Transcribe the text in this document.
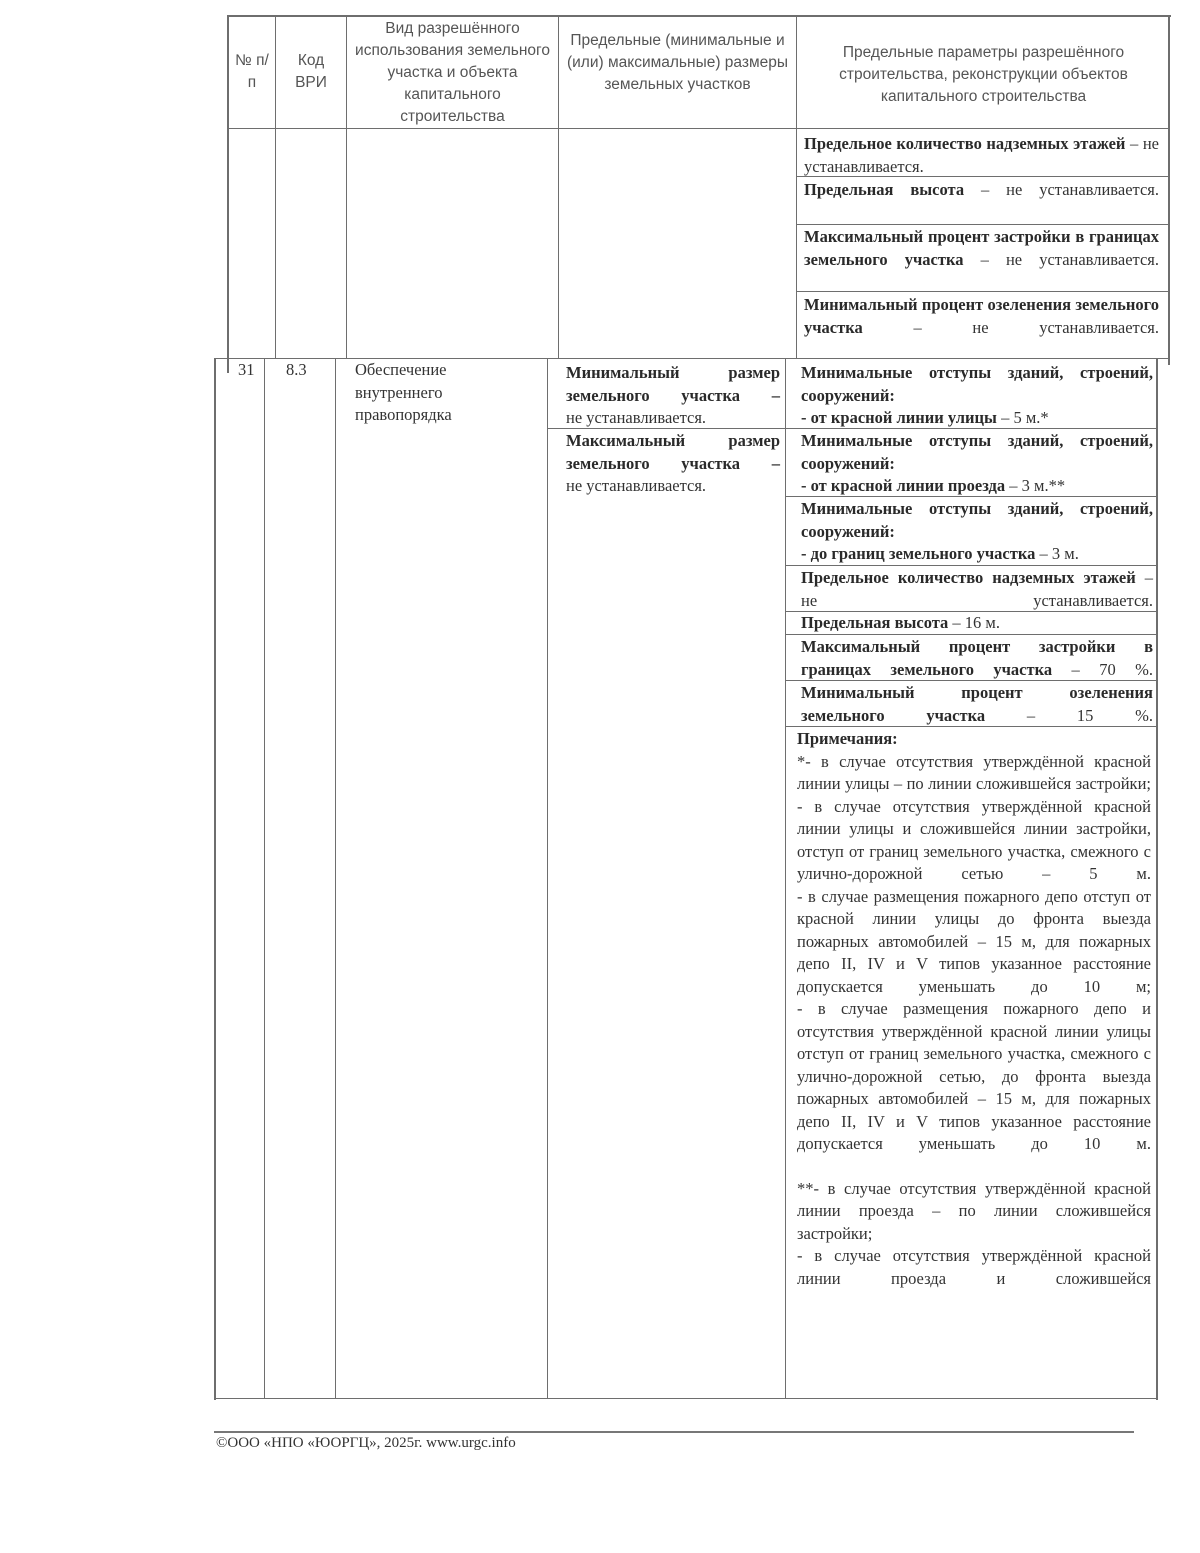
№ п/п
Код ВРИ
Вид разрешённого использования земельного участка и объекта капитального строительства
Предельные (минимальные и (или) максимальные) размеры земельных участков
Предельные параметры разрешённого строительства, реконструкции объектов капитального строительства
Предельное количество надземных этажей – не устанавливается.
Предельная высота – не устанавливается.
Максимальный процент застройки в границах земельного участка – не устанавливается.
Минимальный процент озеленения земельного участка – не устанавливается.
31	8.3	Обеспечение внутреннего правопорядка
Минимальный размер земельного участка –
не устанавливается.
Максимальный размер земельного участка –
не устанавливается.
Минимальные отступы зданий, строений, сооружений:
- от красной линии улицы – 5 м.*
Минимальные отступы зданий, строений, сооружений:
- от красной линии проезда – 3 м.**
Минимальные отступы зданий, строений, сооружений:
- до границ земельного участка – 3 м.
Предельное количество надземных этажей – не устанавливается.
Предельная высота – 16 м.
Максимальный процент застройки в границах земельного участка – 70 %.
Минимальный процент озеленения земельного участка – 15 %.
Примечания:

*- в случае отсутствия утверждённой красной линии улицы – по линии сложившейся застройки;

- в случае отсутствия утверждённой красной линии улицы и сложившейся линии застройки, отступ от границ земельного участка, смежного с улично-дорожной сетью – 5 м.

- в случае размещения пожарного депо отступ от красной линии улицы до фронта выезда пожарных автомобилей – 15 м, для пожарных депо II, IV и V типов указанное расстояние допускается уменьшать до 10 м;

- в случае размещения пожарного депо и отсутствия утверждённой красной линии улицы отступ от границ земельного участка, смежного с улично-дорожной сетью, до фронта выезда пожарных автомобилей – 15 м, для пожарных депо II, IV и V типов указанное расстояние допускается уменьшать до 10 м.

**- в случае отсутствия утверждённой красной линии проезда – по линии сложившейся застройки;

- в случае отсутствия утверждённой красной линии проезда и сложившейся

©ООО «НПО «ЮОРГЦ», 2025г. www.urgc.info
